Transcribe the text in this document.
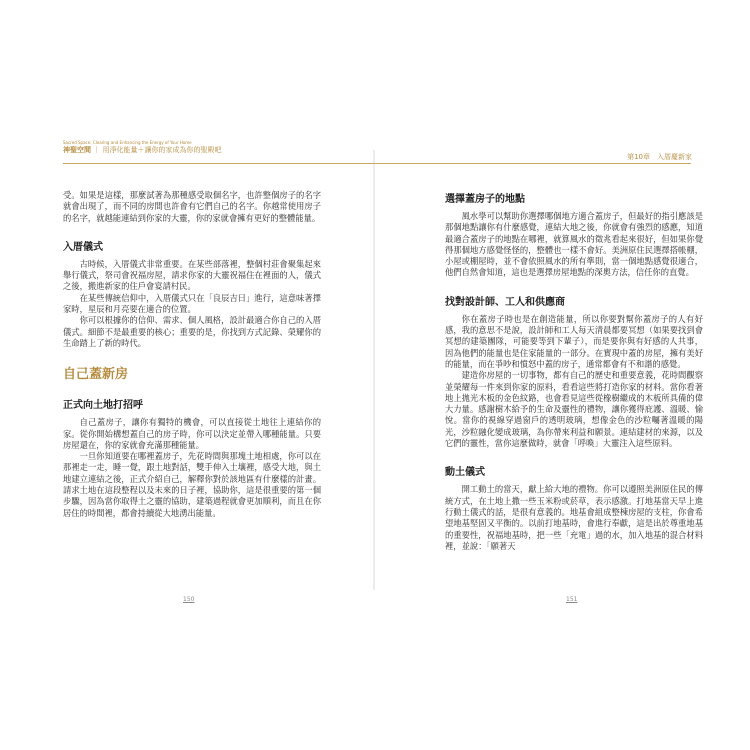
Sacred Space: Clearing and Enhancing the Energy of Your Home
神聖空間 ｜ 用淨化能量＋讓你的家成為你的聖殿吧

受。如果是這樣，那麼試著為那種感受取個名字，也許整個房子的名字就會出現了，而不同的房間也許會有它們自己的名字。你越常使用房子的名字，就越能連結到你家的大靈，你的家就會擁有更好的整體能量。

入厝儀式

古時候，入厝儀式非常重要。在某些部落裡，整個村莊會聚集起來舉行儀式，祭司會祝福房屋，請求你家的大靈祝福住在裡面的人，儀式之後，搬進新家的住戶會宴請村民。

在某些傳統信仰中，入厝儀式只在「良辰吉日」進行，這意味著擇家時，星辰和月亮要在適合的位置。

你可以根據你的信仰、需求、個人風格，設計最適合你自己的入厝儀式。細節不是最重要的核心；重要的是，你找到方式記錄、榮耀你的生命踏上了新的時代。

自己蓋新房
正式向土地打招呼

自己蓋房子，讓你有獨特的機會，可以直接從土地往上連結你的家。從你開始構想蓋自己的房子時，你可以決定並帶入哪種能量。只要房屋還在，你的家就會充滿那種能量。

一旦你知道要在哪裡蓋房子，先花時間與那塊土地相處，你可以在那裡走一走，睡一覺，跟土地對話，雙手伸入土壤裡，感受大地，與土地建立連結之後，正式介紹自己，解釋你對於該地區有什麼樣的計畫。請求土地在這段整程以及未來的日子裡，協助你，這是很重要的第一個步驟，因為當你取得土之靈的協助，建築過程就會更加順利，而且在你居住的時間裡，都會持續從大地湧出能量。

150
選擇蓋房子的地點

風水學可以幫助你選擇哪個地方適合蓋房子，但最好的指引應該是那個地點讓你有什麼感覺，連結大地之後，你就會有強烈的感應，知道最適合蓋房子的地點在哪裡，就算風水的徵兆看起來很好，但如果你覺得那個地方感覺怪怪的，整體也一樣不會好。美洲原住民選擇搭帳棚，小屋或棚屋時，並不會依照風水的所有準則，當一個地點感覺很適合，他們自然會知道，這也是選擇房屋地點的深奧方法，信任你的直覺。

找對設計師、工人和供應商

你在蓋房子時也是在創造能量，所以你要對幫你蓋房子的人有好感，我的意思不是說，設計師和工人每天清晨都要冥想（如果要找到會冥想的建築團隊，可能要等到下輩子），而是要你與有好感的人共事，因為他們的能量也是住家能量的一部分。在實現中蓋的房屋，擁有美好的能量，而在爭吵和憤怒中蓋的房子，通常都會有不和諧的感覺。

建造你房屋的一切事物，都有自己的歷史和重要意義，花時間觀察並榮耀每一件來到你家的原料，看看這些將打造你家的材料。當你看著地上拋光木板的金色紋路，也會看見這些從橡樹繼成的木板所具備的偉大力量。感謝樹木給予的生命及靈性的禮物，讓你獲得庇護、溫暖、愉悅。當你的視線穿過窗戶的透明玻璃，想像金色的沙粒囑著溫暖的陽光，沙粒融化變成玻璃，為你帶來利益和願景。連結建材的來源，以及它們的靈性，當你這麼做時，就會「呼喚」大靈注入這些原料。

動土儀式

開工動土的當天，獻上給大地的禮物。你可以遵照美洲原住民的傳統方式，在土地上撒一些玉米粉或菸草，表示感激。打地基當天早上進行動土儀式的話，是很有意義的。地基會組成整棟房屋的支柱，你會希望地基堅固又平衡的。以前打地基時，會進行奉獻，這是出於尊重地基的重要性，祝福地基時，把一些「充電」過的水，加入地基的混合材料裡，並說：「願著天

151
第10章　入厝慶新家
